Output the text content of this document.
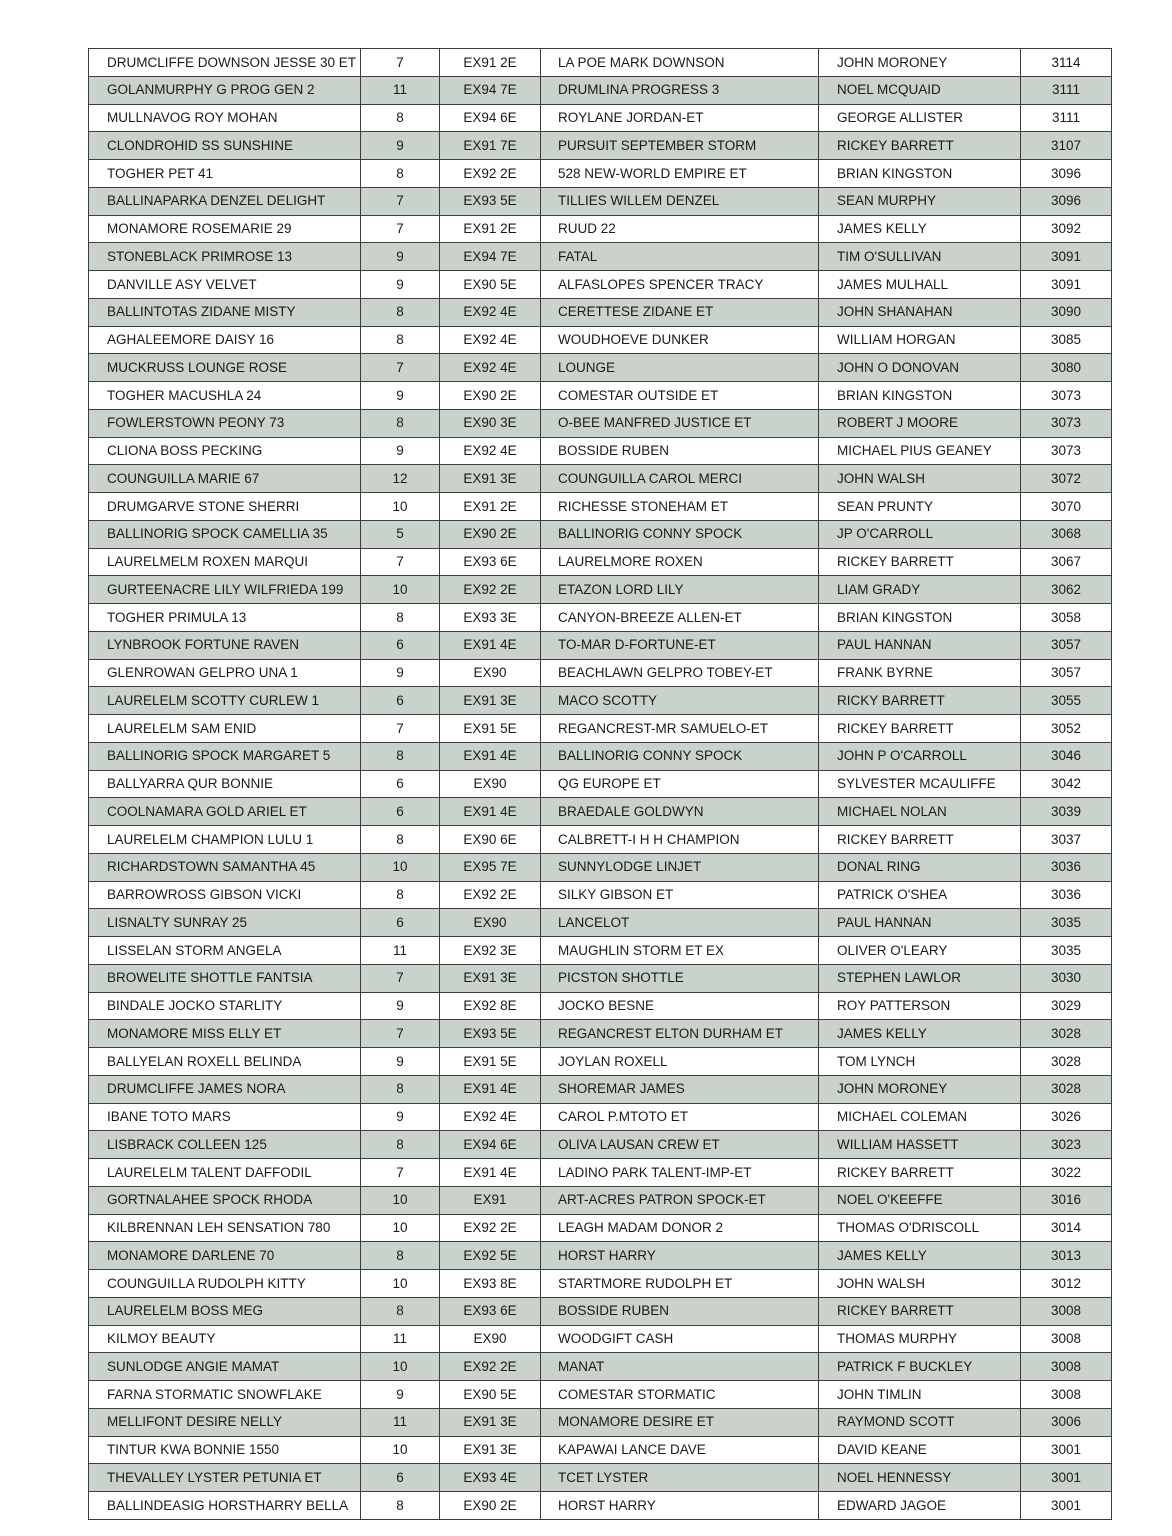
DRUMCLIFFE DOWNSON JESSE 30 ET	7	EX91 2E	LA POE MARK DOWNSON	JOHN MORONEY	3114
GOLANMURPHY G PROG GEN 2	11	EX94 7E	DRUMLINA PROGRESS 3	NOEL MCQUAID	3111
MULLNAVOG ROY MOHAN	8	EX94 6E	ROYLANE JORDAN-ET	GEORGE ALLISTER	3111
CLONDROHID SS SUNSHINE	9	EX91 7E	PURSUIT SEPTEMBER STORM	RICKEY BARRETT	3107
TOGHER PET 41	8	EX92 2E	528 NEW-WORLD EMPIRE ET	BRIAN KINGSTON	3096
BALLINAPARKA DENZEL DELIGHT	7	EX93 5E	TILLIES WILLEM DENZEL	SEAN MURPHY	3096
MONAMORE ROSEMARIE 29	7	EX91 2E	RUUD 22	JAMES KELLY	3092
STONEBLACK PRIMROSE 13	9	EX94 7E	FATAL	TIM O'SULLIVAN	3091
DANVILLE ASY VELVET	9	EX90 5E	ALFASLOPES SPENCER TRACY	JAMES MULHALL	3091
BALLINTOTAS ZIDANE MISTY	8	EX92 4E	CERETTESE ZIDANE ET	JOHN SHANAHAN	3090
AGHALEEMORE DAISY 16	8	EX92 4E	WOUDHOEVE DUNKER	WILLIAM HORGAN	3085
MUCKRUSS LOUNGE ROSE	7	EX92 4E	LOUNGE	JOHN O DONOVAN	3080
TOGHER MACUSHLA 24	9	EX90 2E	COMESTAR OUTSIDE ET	BRIAN KINGSTON	3073
FOWLERSTOWN PEONY 73	8	EX90 3E	O-BEE MANFRED JUSTICE ET	ROBERT J MOORE	3073
CLIONA BOSS PECKING	9	EX92 4E	BOSSIDE RUBEN	MICHAEL PIUS GEANEY	3073
COUNGUILLA MARIE 67	12	EX91 3E	COUNGUILLA CAROL MERCI	JOHN WALSH	3072
DRUMGARVE STONE SHERRI	10	EX91 2E	RICHESSE STONEHAM ET	SEAN PRUNTY	3070
BALLINORIG SPOCK CAMELLIA 35	5	EX90 2E	BALLINORIG CONNY SPOCK	JP O'CARROLL	3068
LAURELMELM ROXEN MARQUI	7	EX93 6E	LAURELMORE ROXEN	RICKEY BARRETT	3067
GURTEENACRE LILY WILFRIEDA 199	10	EX92 2E	ETAZON LORD LILY	LIAM GRADY	3062
TOGHER PRIMULA 13	8	EX93 3E	CANYON-BREEZE ALLEN-ET	BRIAN KINGSTON	3058
LYNBROOK FORTUNE RAVEN	6	EX91 4E	TO-MAR D-FORTUNE-ET	PAUL HANNAN	3057
GLENROWAN GELPRO UNA 1	9	EX90	BEACHLAWN GELPRO TOBEY-ET	FRANK BYRNE	3057
LAURELELM SCOTTY CURLEW 1	6	EX91 3E	MACO SCOTTY	RICKY BARRETT	3055
LAURELELM SAM ENID	7	EX91 5E	REGANCREST-MR SAMUELO-ET	RICKEY BARRETT	3052
BALLINORIG SPOCK MARGARET 5	8	EX91 4E	BALLINORIG CONNY SPOCK	JOHN P O'CARROLL	3046
BALLYARRA QUR BONNIE	6	EX90	QG EUROPE ET	SYLVESTER MCAULIFFE	3042
COOLNAMARA GOLD ARIEL ET	6	EX91 4E	BRAEDALE GOLDWYN	MICHAEL NOLAN	3039
LAURELELM CHAMPION LULU 1	8	EX90 6E	CALBRETT-I H H CHAMPION	RICKEY BARRETT	3037
RICHARDSTOWN SAMANTHA 45	10	EX95 7E	SUNNYLODGE LINJET	DONAL RING	3036
BARROWROSS GIBSON VICKI	8	EX92 2E	SILKY GIBSON ET	PATRICK O'SHEA	3036
LISNALTY SUNRAY 25	6	EX90	LANCELOT	PAUL HANNAN	3035
LISSELAN STORM ANGELA	11	EX92 3E	MAUGHLIN STORM ET EX	OLIVER O'LEARY	3035
BROWELITE SHOTTLE FANTSIA	7	EX91 3E	PICSTON SHOTTLE	STEPHEN LAWLOR	3030
BINDALE JOCKO STARLITY	9	EX92 8E	JOCKO BESNE	ROY PATTERSON	3029
MONAMORE MISS ELLY ET	7	EX93 5E	REGANCREST ELTON DURHAM ET	JAMES KELLY	3028
BALLYELAN ROXELL BELINDA	9	EX91 5E	JOYLAN ROXELL	TOM LYNCH	3028
DRUMCLIFFE JAMES NORA	8	EX91 4E	SHOREMAR JAMES	JOHN MORONEY	3028
IBANE TOTO MARS	9	EX92 4E	CAROL P.MTOTO ET	MICHAEL COLEMAN	3026
LISBRACK COLLEEN 125	8	EX94 6E	OLIVA LAUSAN CREW ET	WILLIAM HASSETT	3023
LAURELELM TALENT DAFFODIL	7	EX91 4E	LADINO PARK TALENT-IMP-ET	RICKEY BARRETT	3022
GORTNALAHEE SPOCK RHODA	10	EX91	ART-ACRES PATRON SPOCK-ET	NOEL O'KEEFFE	3016
KILBRENNAN LEH SENSATION 780	10	EX92 2E	LEAGH MADAM DONOR 2	THOMAS O'DRISCOLL	3014
MONAMORE DARLENE 70	8	EX92 5E	HORST HARRY	JAMES KELLY	3013
COUNGUILLA RUDOLPH KITTY	10	EX93 8E	STARTMORE RUDOLPH ET	JOHN WALSH	3012
LAURELELM BOSS MEG	8	EX93 6E	BOSSIDE RUBEN	RICKEY BARRETT	3008
KILMOY BEAUTY	11	EX90	WOODGIFT CASH	THOMAS MURPHY	3008
SUNLODGE ANGIE MAMAT	10	EX92 2E	MANAT	PATRICK F BUCKLEY	3008
FARNA STORMATIC SNOWFLAKE	9	EX90 5E	COMESTAR STORMATIC	JOHN TIMLIN	3008
MELLIFONT DESIRE NELLY	11	EX91 3E	MONAMORE DESIRE ET	RAYMOND SCOTT	3006
TINTUR KWA BONNIE 1550	10	EX91 3E	KAPAWAI LANCE DAVE	DAVID KEANE	3001
THEVALLEY LYSTER PETUNIA ET	6	EX93 4E	TCET LYSTER	NOEL HENNESSY	3001
BALLINDEASIG HORSTHARRY BELLA	8	EX90 2E	HORST HARRY	EDWARD JAGOE	3001
